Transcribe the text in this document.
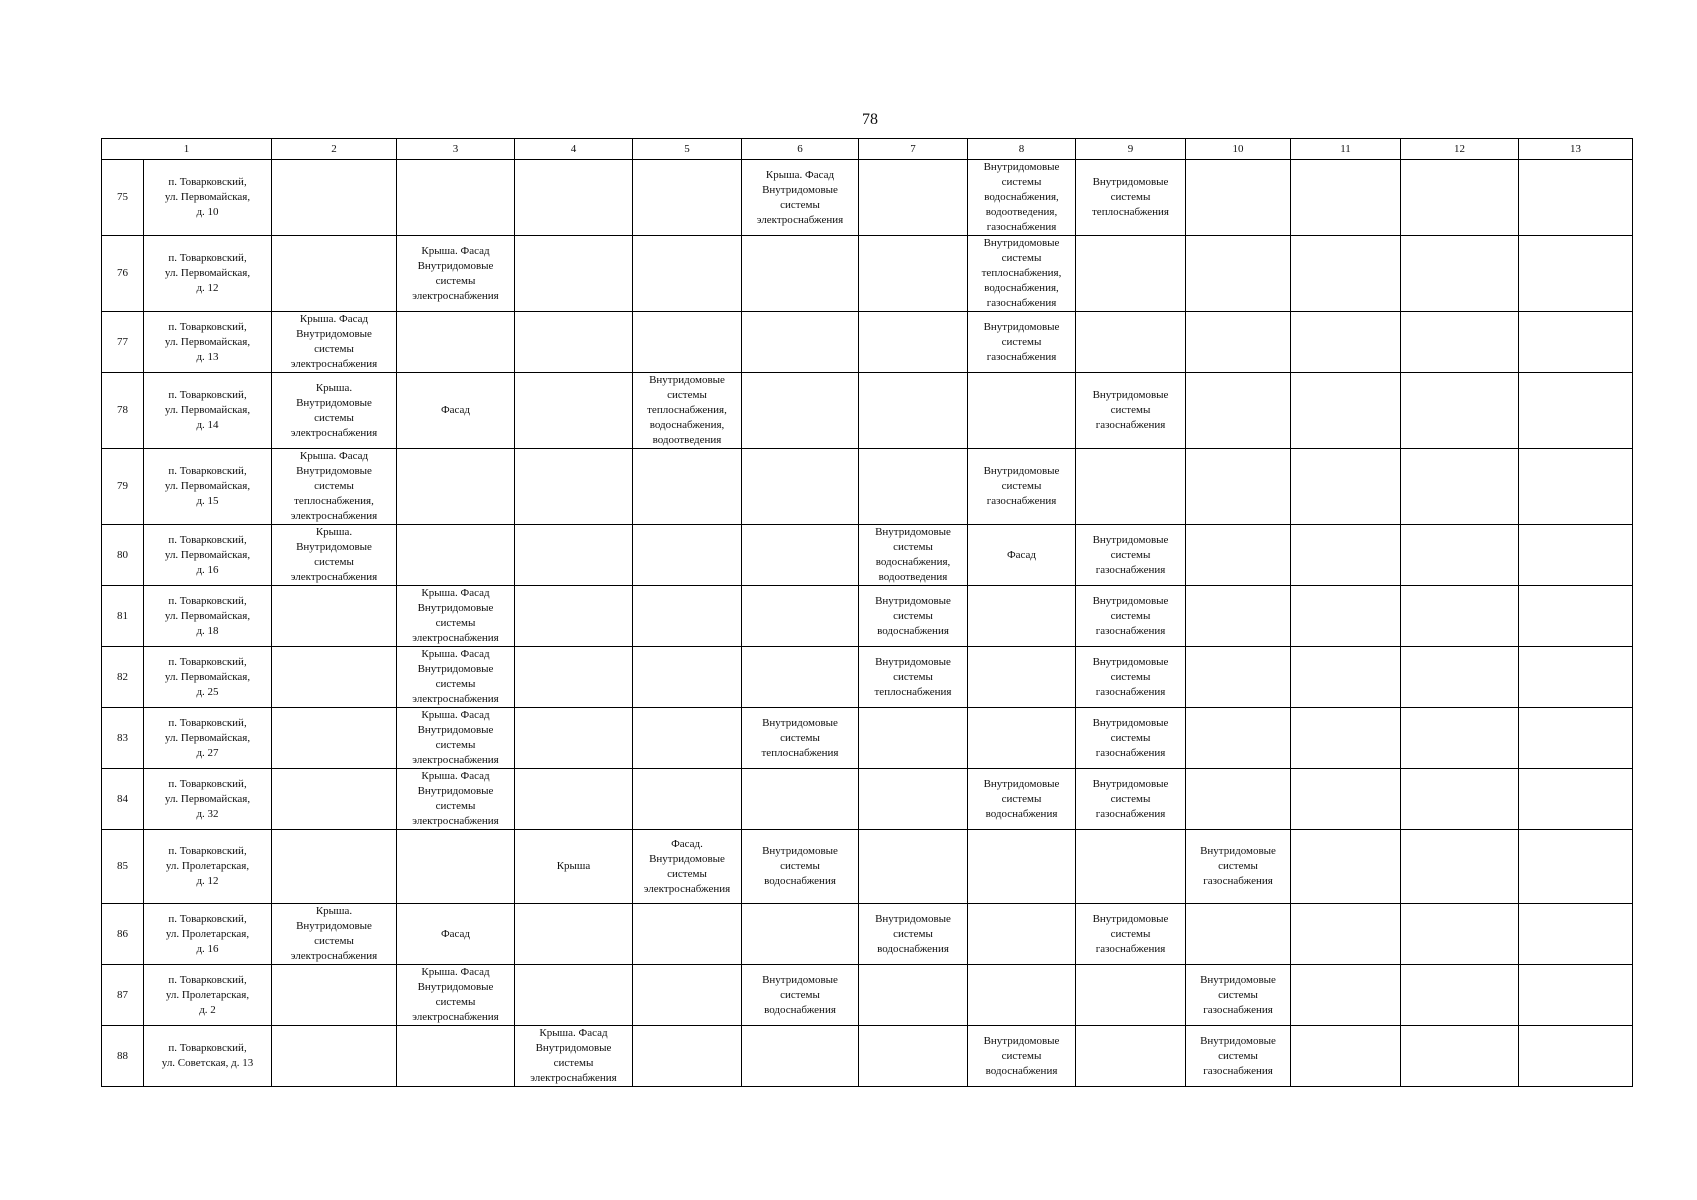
78
1		2	3	4	5	6	7	8	9	10	11	12	13
75	п. Товарковский,
ул. Первомайская,
д. 10					Крыша. Фасад
Внутридомовые
системы
электроснабжения		Внутридомовые
системы
водоснабжения,
водоотведения,
газоснабжения	Внутридомовые
системы
теплоснабжения				

76	п. Товарковский,
ул. Первомайская,
д. 12		Крыша. Фасад
Внутридомовые
системы
электроснабжения					Внутридомовые
системы
теплоснабжения,
водоснабжения,
газоснабжения					

77	п. Товарковский,
ул. Первомайская,
д. 13	Крыша. Фасад
Внутридомовые
системы
электроснабжения						Внутридомовые
системы
газоснабжения					

78	п. Товарковский,
ул. Первомайская,
д. 14	Крыша.
Внутридомовые
системы
электроснабжения	Фасад		Внутридомовые
системы
теплоснабжения,
водоснабжения,
водоотведения				Внутридомовые
системы
газоснабжения				

79	п. Товарковский,
ул. Первомайская,
д. 15	Крыша. Фасад
Внутридомовые
системы
теплоснабжения,
электроснабжения						Внутридомовые
системы
газоснабжения					

80	п. Товарковский,
ул. Первомайская,
д. 16	Крыша.
Внутридомовые
системы
электроснабжения					Внутридомовые
системы
водоснабжения,
водоотведения	Фасад	Внутридомовые
системы
газоснабжения				

81	п. Товарковский,
ул. Первомайская,
д. 18		Крыша. Фасад
Внутридомовые
системы
электроснабжения				Внутридомовые
системы
водоснабжения		Внутридомовые
системы
газоснабжения				

82	п. Товарковский,
ул. Первомайская,
д. 25		Крыша. Фасад
Внутридомовые
системы
электроснабжения				Внутридомовые
системы
теплоснабжения		Внутридомовые
системы
газоснабжения				

83	п. Товарковский,
ул. Первомайская,
д. 27		Крыша. Фасад
Внутридомовые
системы
электроснабжения			Внутридомовые
системы
теплоснабжения			Внутридомовые
системы
газоснабжения				

84	п. Товарковский,
ул. Первомайская,
д. 32		Крыша. Фасад
Внутридомовые
системы
электроснабжения					Внутридомовые
системы
водоснабжения	Внутридомовые
системы
газоснабжения				

85	п. Товарковский,
ул. Пролетарская,
д. 12			Крыша	Фасад.
Внутридомовые
системы
электроснабжения	Внутридомовые
системы
водоснабжения				Внутридомовые
системы
газоснабжения			

86	п. Товарковский,
ул. Пролетарская,
д. 16	Крыша.
Внутридомовые
системы
электроснабжения	Фасад				Внутридомовые
системы
водоснабжения		Внутридомовые
системы
газоснабжения				

87	п. Товарковский,
ул. Пролетарская,
д. 2		Крыша. Фасад
Внутридомовые
системы
электроснабжения			Внутридомовые
системы
водоснабжения				Внутридомовые
системы
газоснабжения			

88	п. Товарковский,
ул. Советская, д. 13			Крыша. Фасад
Внутридомовые
системы
электроснабжения				Внутридомовые
системы
водоснабжения		Внутридомовые
системы
газоснабжения			
